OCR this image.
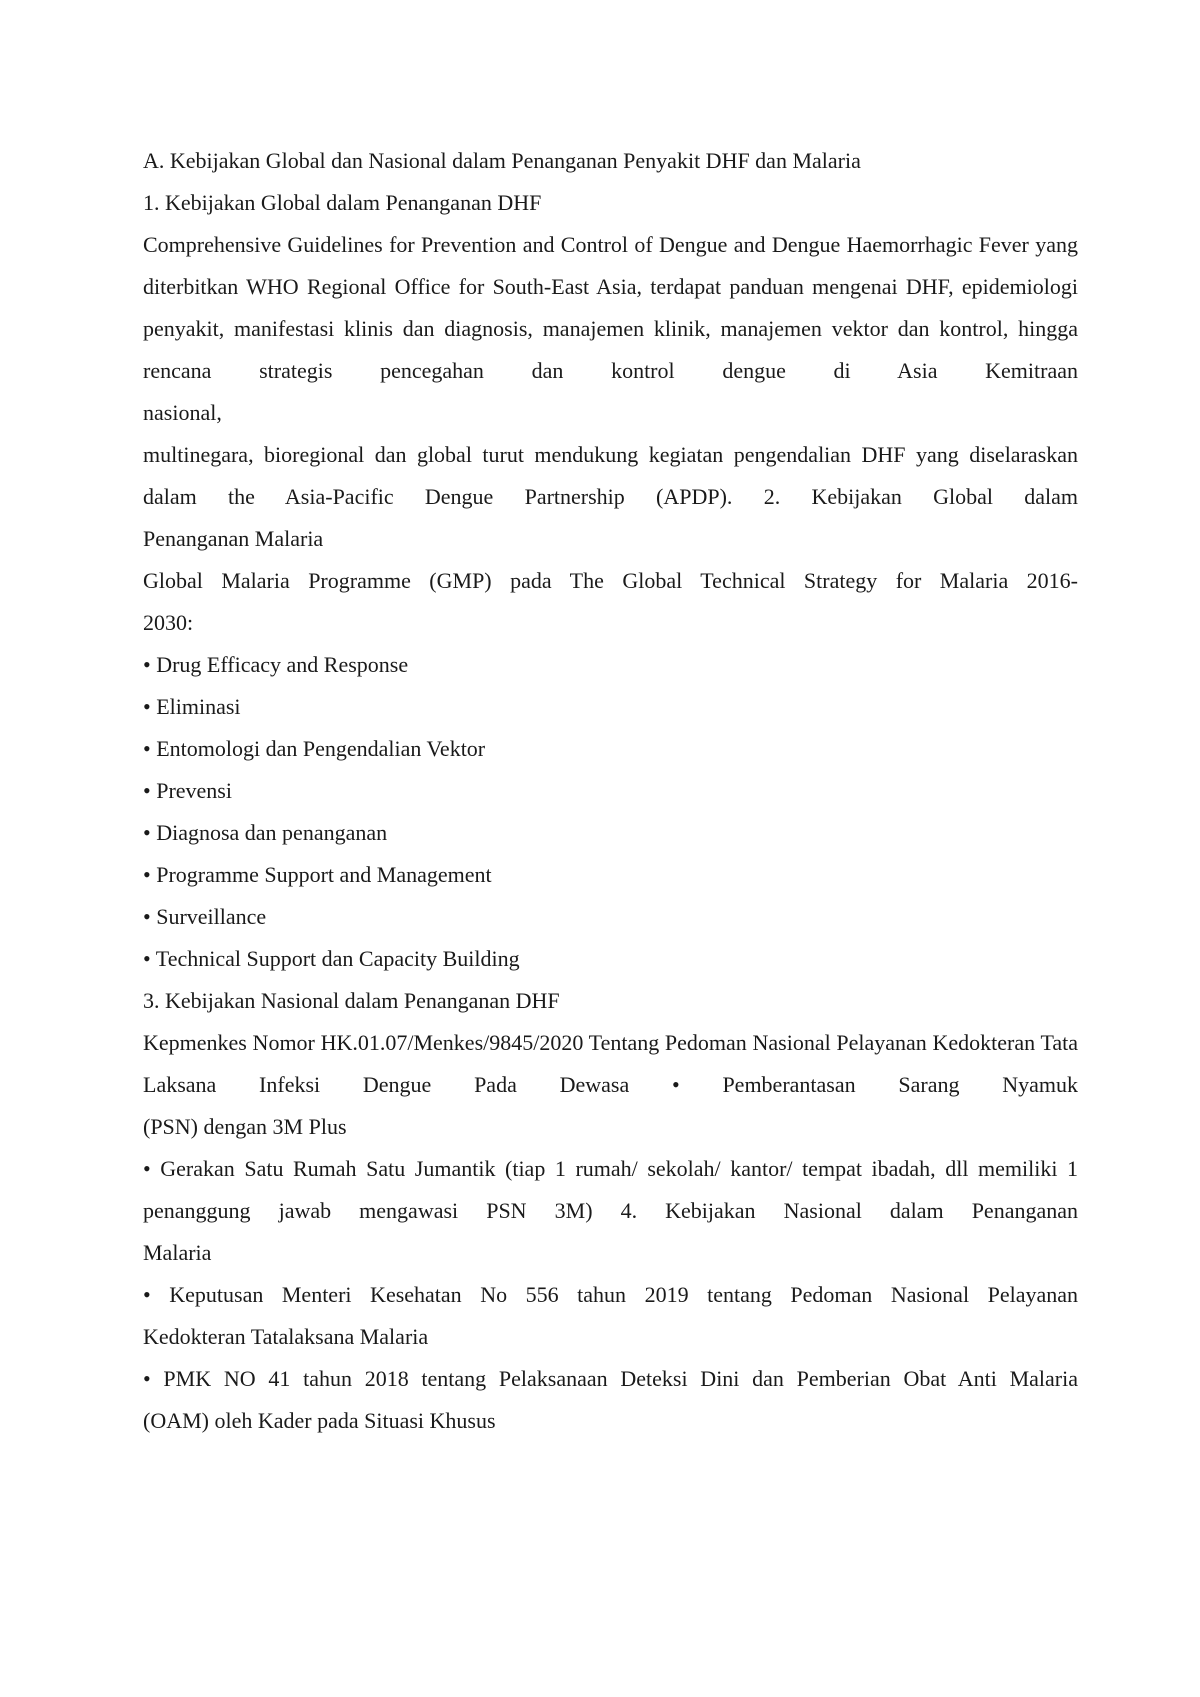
A. Kebijakan Global dan Nasional dalam Penanganan Penyakit DHF dan Malaria

1. Kebijakan Global dalam Penanganan DHF

Comprehensive Guidelines for Prevention and Control of Dengue and Dengue Haemorrhagic Fever yang diterbitkan WHO Regional Office for South-East Asia, terdapat panduan mengenai DHF, epidemiologi penyakit, manifestasi klinis dan diagnosis, manajemen klinik, manajemen vektor dan kontrol, hingga rencana strategis pencegahan dan kontrol dengue di Asia Kemitraan

nasional,

multinegara, bioregional dan global turut mendukung kegiatan pengendalian DHF yang diselaraskan dalam the Asia-Pacific Dengue Partnership (APDP). 2. Kebijakan Global dalam

Penanganan Malaria

Global Malaria Programme (GMP) pada The Global Technical Strategy for Malaria 2016-

2030:

• Drug Efficacy and Response

• Eliminasi

• Entomologi dan Pengendalian Vektor

• Prevensi

• Diagnosa dan penanganan

• Programme Support and Management

• Surveillance

• Technical Support dan Capacity Building

3. Kebijakan Nasional dalam Penanganan DHF

Kepmenkes Nomor HK.01.07/Menkes/9845/2020 Tentang Pedoman Nasional Pelayanan Kedokteran Tata Laksana Infeksi Dengue Pada Dewasa • Pemberantasan Sarang Nyamuk

(PSN) dengan 3M Plus

• Gerakan Satu Rumah Satu Jumantik (tiap 1 rumah/ sekolah/ kantor/ tempat ibadah, dll memiliki 1 penanggung jawab mengawasi PSN 3M) 4. Kebijakan Nasional dalam Penanganan

Malaria

• Keputusan Menteri Kesehatan No 556 tahun 2019 tentang Pedoman Nasional Pelayanan

Kedokteran Tatalaksana Malaria

• PMK NO 41 tahun 2018 tentang Pelaksanaan Deteksi Dini dan Pemberian Obat Anti Malaria

(OAM) oleh Kader pada Situasi Khusus
